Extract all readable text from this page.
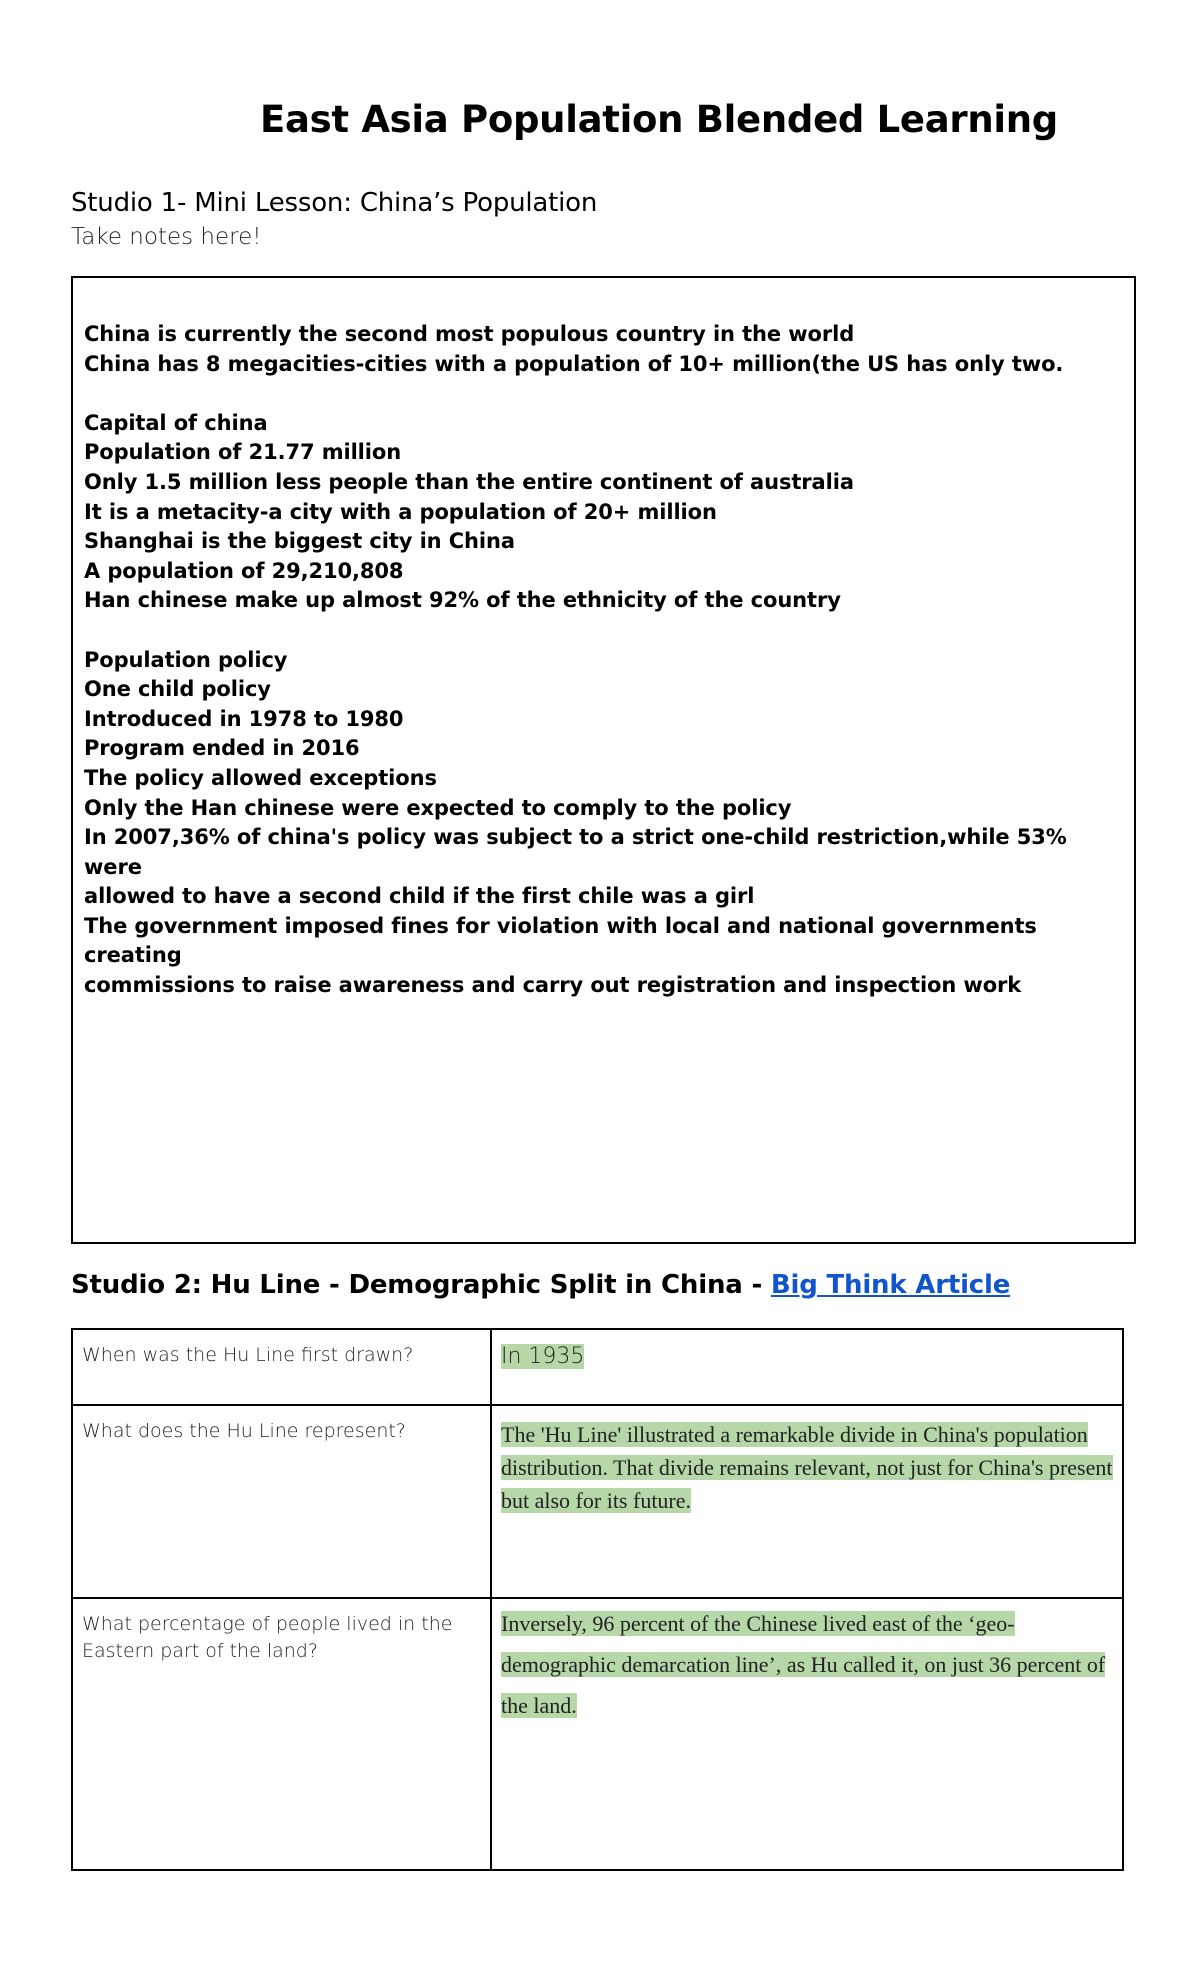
East Asia Population Blended Learning
Studio 1- Mini Lesson: China’s Population

Take notes here!

China is currently the second most populous country in the world

China has 8 megacities-cities with a population of 10+ million(the US has only two.

Capital of china

Population of 21.77 million

Only 1.5 million less people than the entire continent of australia

It is a metacity-a city with a population of 20+ million

Shanghai is the biggest city in China

A population of 29,210,808

Han chinese make up almost 92% of the ethnicity of the country

Population policy

One child policy

Introduced in 1978 to 1980

Program ended in 2016

The policy allowed exceptions

Only the Han chinese were expected to comply to the policy

In 2007,36% of china's policy was subject to a strict one-child restriction,while 53% were

allowed to have a second child if the first chile was a girl

The government imposed fines for violation with local and national governments creating

commissions to raise awareness and carry out registration and inspection work

Studio 2: Hu Line - Demographic Split in China - Big Think Article
When was the Hu Line first drawn?	In 1935

What does the Hu Line represent?	The 'Hu Line' illustrated a remarkable divide in China's population distribution. That divide remains relevant, not just for China's present but also for its future.

What percentage of people lived in the Eastern part of the land?	Inversely, 96 percent of the Chinese lived east of the ‘geo-demographic demarcation line’, as Hu called it, on just 36 percent of the land.
